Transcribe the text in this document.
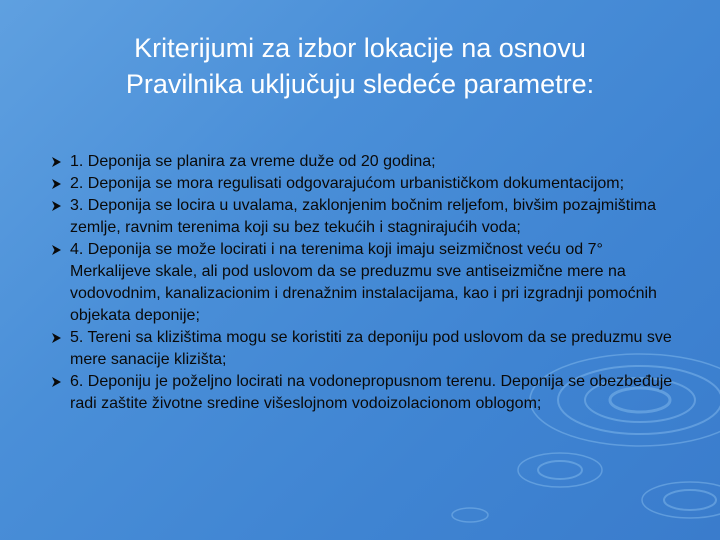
Kriterijumi za izbor lokacije na osnovu
Pravilnika uključuju sledeće parametre:
1. Deponija se planira za vreme duže od 20 godina;
2. Deponija se mora regulisati odgovarajućom urbanističkom dokumentacijom;
3. Deponija se locira u uvalama, zaklonjenim bočnim reljefom, bivšim pozajmištima zemlje, ravnim terenima koji su bez tekućih i stagnirajućih voda;
4. Deponija se može locirati i na terenima koji imaju seizmičnost veću od 7° Merkalijeve skale, ali pod uslovom da se preduzmu sve antiseizmične mere na vodovodnim, kanalizacionim i drenažnim instalacijama, kao i pri izgradnji pomoćnih objekata deponije;
5. Tereni sa klizištima mogu se koristiti za deponiju pod uslovom da se preduzmu sve mere sanacije klizišta;
6. Deponiju je poželjno locirati na vodonepropusnom terenu. Deponija se obezbeđuje radi zaštite životne sredine višeslojnom vodoizolacionom oblogom;
